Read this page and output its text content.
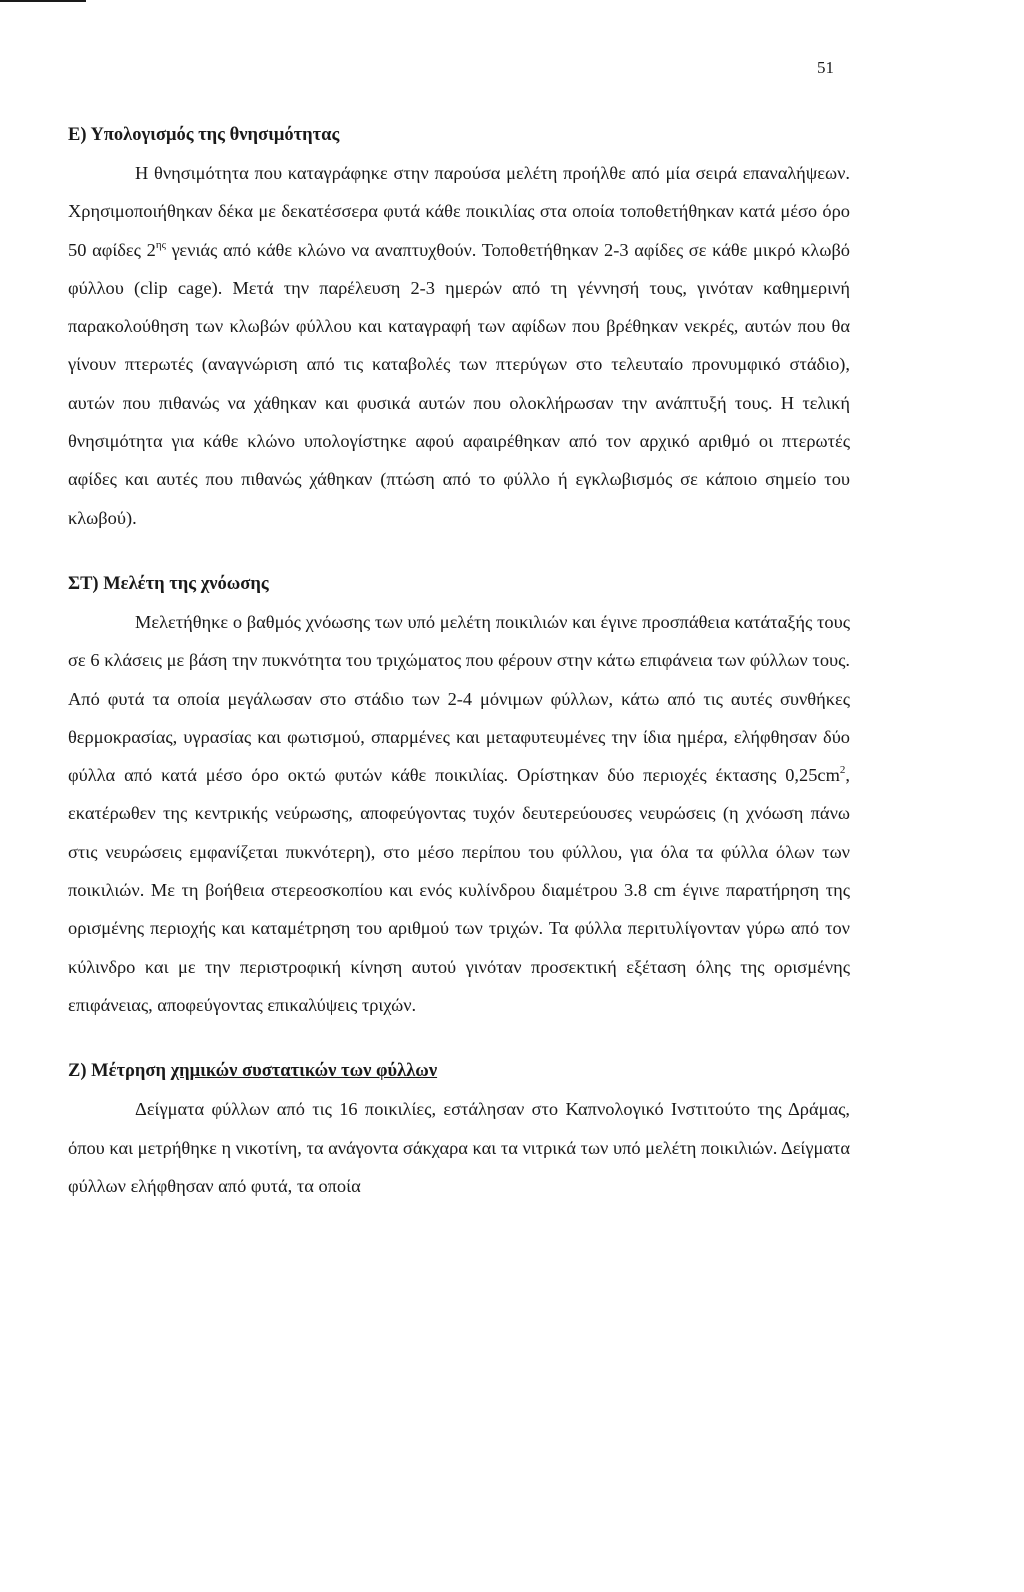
51
Ε) Υπολογισμός της θνησιμότητας

Η θνησιμότητα που καταγράφηκε στην παρούσα μελέτη προήλθε από μία σειρά επαναλήψεων. Χρησιμοποιήθηκαν δέκα με δεκατέσσερα φυτά κάθε ποικιλίας στα οποία τοποθετήθηκαν κατά μέσο όρο 50 αφίδες $2^{\eta\varsigma}$ γενιάς από κάθε κλώνο να αναπτυχθούν. Τοποθετήθηκαν 2-3 αφίδες σε κάθε μικρό κλωβό φύλλου (clip cage). Μετά την παρέλευση 2-3 ημερών από τη γέννησή τους, γινόταν καθημερινή παρακολούθηση των κλωβών φύλλου και καταγραφή των αφίδων που βρέθηκαν νεκρές, αυτών που θα γίνουν πτερωτές (αναγνώριση από τις καταβολές των πτερύγων στο τελευταίο προνυμφικό στάδιο), αυτών που πιθανώς να χάθηκαν και φυσικά αυτών που ολοκλήρωσαν την ανάπτυξή τους. Η τελική θνησιμότητα για κάθε κλώνο υπολογίστηκε αφού αφαιρέθηκαν από τον αρχικό αριθμό οι πτερωτές αφίδες και αυτές που πιθανώς χάθηκαν (πτώση από το φύλλο ή εγκλωβισμός σε κάποιο σημείο του κλωβού).

ΣΤ) Μελέτη της χνόωσης

Μελετήθηκε ο βαθμός χνόωσης των υπό μελέτη ποικιλιών και έγινε προσπάθεια κατάταξής τους σε 6 κλάσεις με βάση την πυκνότητα του τριχώματος που φέρουν στην κάτω επιφάνεια των φύλλων τους. Από φυτά τα οποία μεγάλωσαν στο στάδιο των 2-4 μόνιμων φύλλων, κάτω από τις αυτές συνθήκες θερμοκρασίας, υγρασίας και φωτισμού, σπαρμένες και μεταφυτευμένες την ίδια ημέρα, ελήφθησαν δύο φύλλα από κατά μέσο όρο οκτώ φυτών κάθε ποικιλίας. Ορίστηκαν δύο περιοχές έκτασης $0,25cm^2$, εκατέρωθεν της κεντρικής νεύρωσης, αποφεύγοντας τυχόν δευτερεύουσες νευρώσεις (η χνόωση πάνω στις νευρώσεις εμφανίζεται πυκνότερη), στο μέσο περίπου του φύλλου, για όλα τα φύλλα όλων των ποικιλιών. Με τη βοήθεια στερεοσκοπίου και ενός κυλίνδρου διαμέτρου 3.8 cm έγινε παρατήρηση της ορισμένης περιοχής και καταμέτρηση του αριθμού των τριχών. Τα φύλλα περιτυλίγονταν γύρω από τον κύλινδρο και με την περιστροφική κίνηση αυτού γινόταν προσεκτική εξέταση όλης της ορισμένης επιφάνειας, αποφεύγοντας επικαλύψεις τριχών.

Ζ) Μέτρηση χημικών συστατικών των φύλλων

Δείγματα φύλλων από τις 16 ποικιλίες, εστάλησαν στο Καπνολογικό Ινστιτούτο της Δράμας, όπου και μετρήθηκε η νικοτίνη, τα ανάγοντα σάκχαρα και τα νιτρικά των υπό μελέτη ποικιλιών. Δείγματα φύλλων ελήφθησαν από φυτά, τα οποία
